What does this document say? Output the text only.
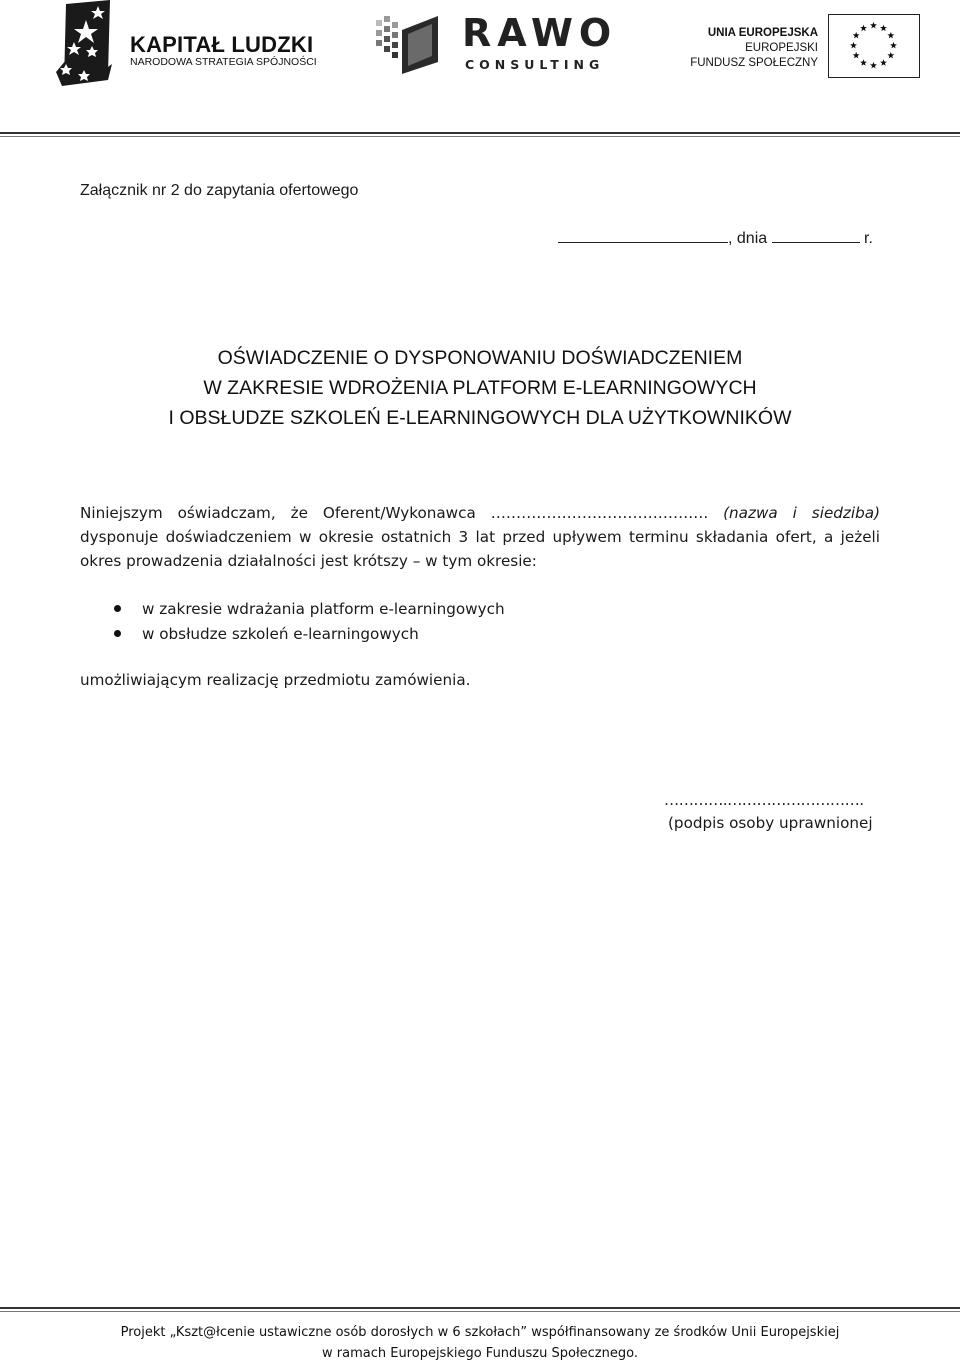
KAPITAŁ LUDZKI
NARODOWA STRATEGIA SPÓJNOŚCI
RAWO
CONSULTING
UNIA EUROPEJSKA
EUROPEJSKI
FUNDUSZ SPOŁECZNY
Załącznik nr 2 do zapytania ofertowego
, dnia	r.
OŚWIADCZENIE O DYSPONOWANIU DOŚWIADCZENIEM
W ZAKRESIE WDROŻENIA PLATFORM E-LEARNINGOWYCH
I OBSŁUDZE SZKOLEŃ E-LEARNINGOWYCH DLA UŻYTKOWNIKÓW
Niniejszym oświadczam, że Oferent/Wykonawca ……………………………………. (nazwa i siedziba) dysponuje doświadczeniem w okresie ostatnich 3 lat przed upływem terminu składania ofert, a jeżeli okres prowadzenia działalności jest krótszy – w tym okresie:
w zakresie wdrażania platform e-learningowych
w obsłudze szkoleń e-learningowych
umożliwiającym realizację przedmiotu zamówienia.
………….……………………….
(podpis osoby uprawnionej
Projekt „Kszt@łcenie ustawiczne osób dorosłych w 6 szkołach” współfinansowany ze środków Unii Europejskiej
w ramach Europejskiego Funduszu Społecznego.
